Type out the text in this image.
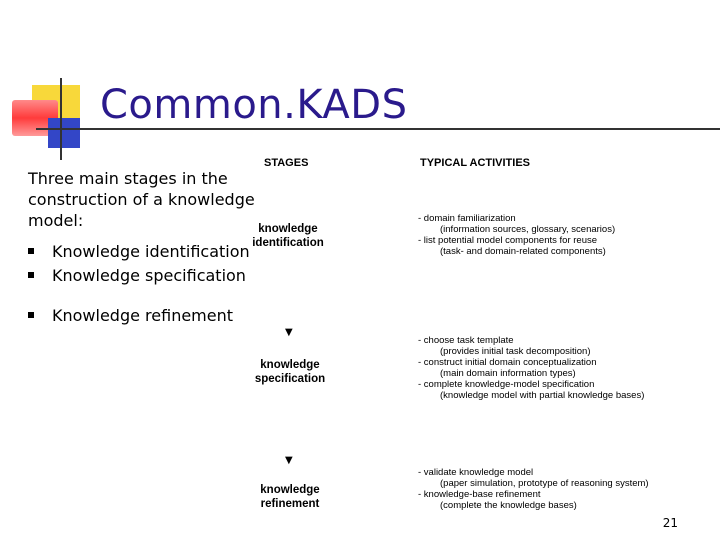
Common.KADS
Three main stages in the construction of a knowledge model:
Knowledge identification
Knowledge specification
Knowledge refinement
STAGES	TYPICAL ACTIVITIES
knowledge
identification
▼
knowledge
specification
▼
knowledge
refinement
- domain familiarization
(information sources, glossary, scenarios)
- list potential model components for reuse
(task- and domain-related components)
- choose task template
(provides initial task decomposition)
- construct initial domain conceptualization
(main domain information types)
- complete knowledge-model specification
(knowledge model with partial knowledge bases)
- validate knowledge model
(paper simulation, prototype of reasoning system)
- knowledge-base refinement
(complete the knowledge bases)
21
